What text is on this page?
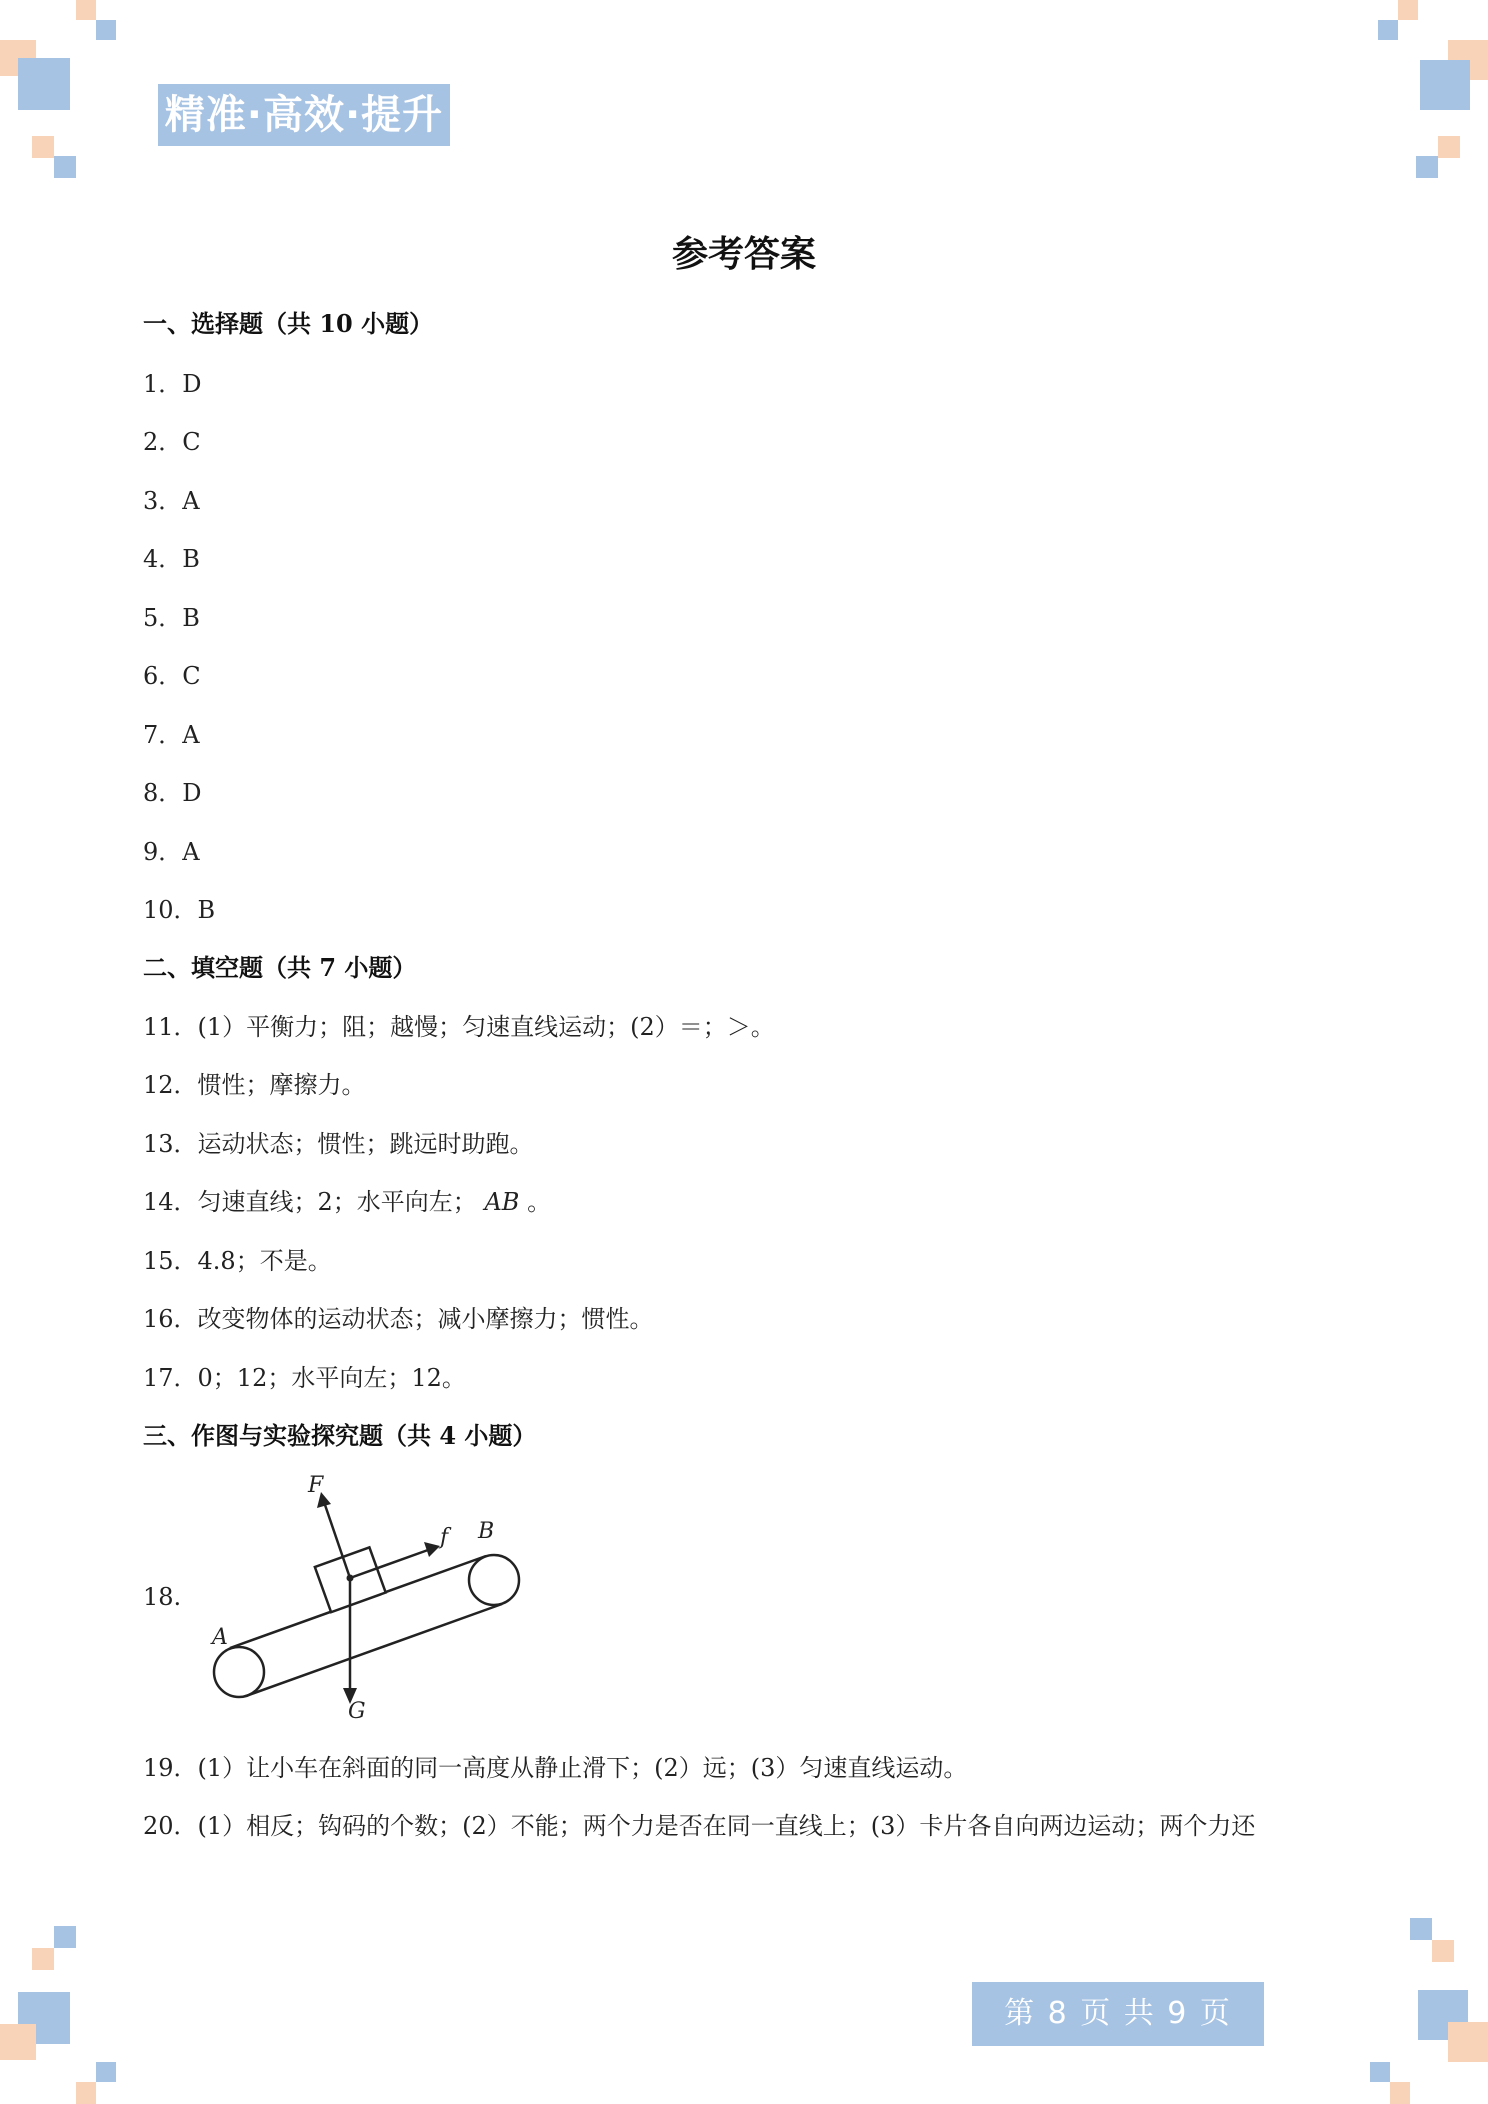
精准·高效·提升
参考答案
一、选择题（共 10 小题）
1．D
2．C
3．A
4．B
5．B
6．C
7．A
8．D
9．A
10．B
二、填空题（共 7 小题）
11．(1）平衡力；阻；越慢；匀速直线运动；(2）＝；＞。
12．惯性；摩擦力。
13．运动状态；惯性；跳远时助跑。
14．匀速直线；2；水平向左； AB 。
15．4.8；不是。
16．改变物体的运动状态；减小摩擦力；惯性。
17．0；12；水平向左；12。
三、作图与实验探究题（共 4 小题）
18.
F
f B
A
G
19．(1）让小车在斜面的同一高度从静止滑下；(2）远；(3）匀速直线运动。
20．(1）相反；钩码的个数；(2）不能；两个力是否在同一直线上；(3）卡片各自向两边运动；两个力还
第 8 页 共 9 页
